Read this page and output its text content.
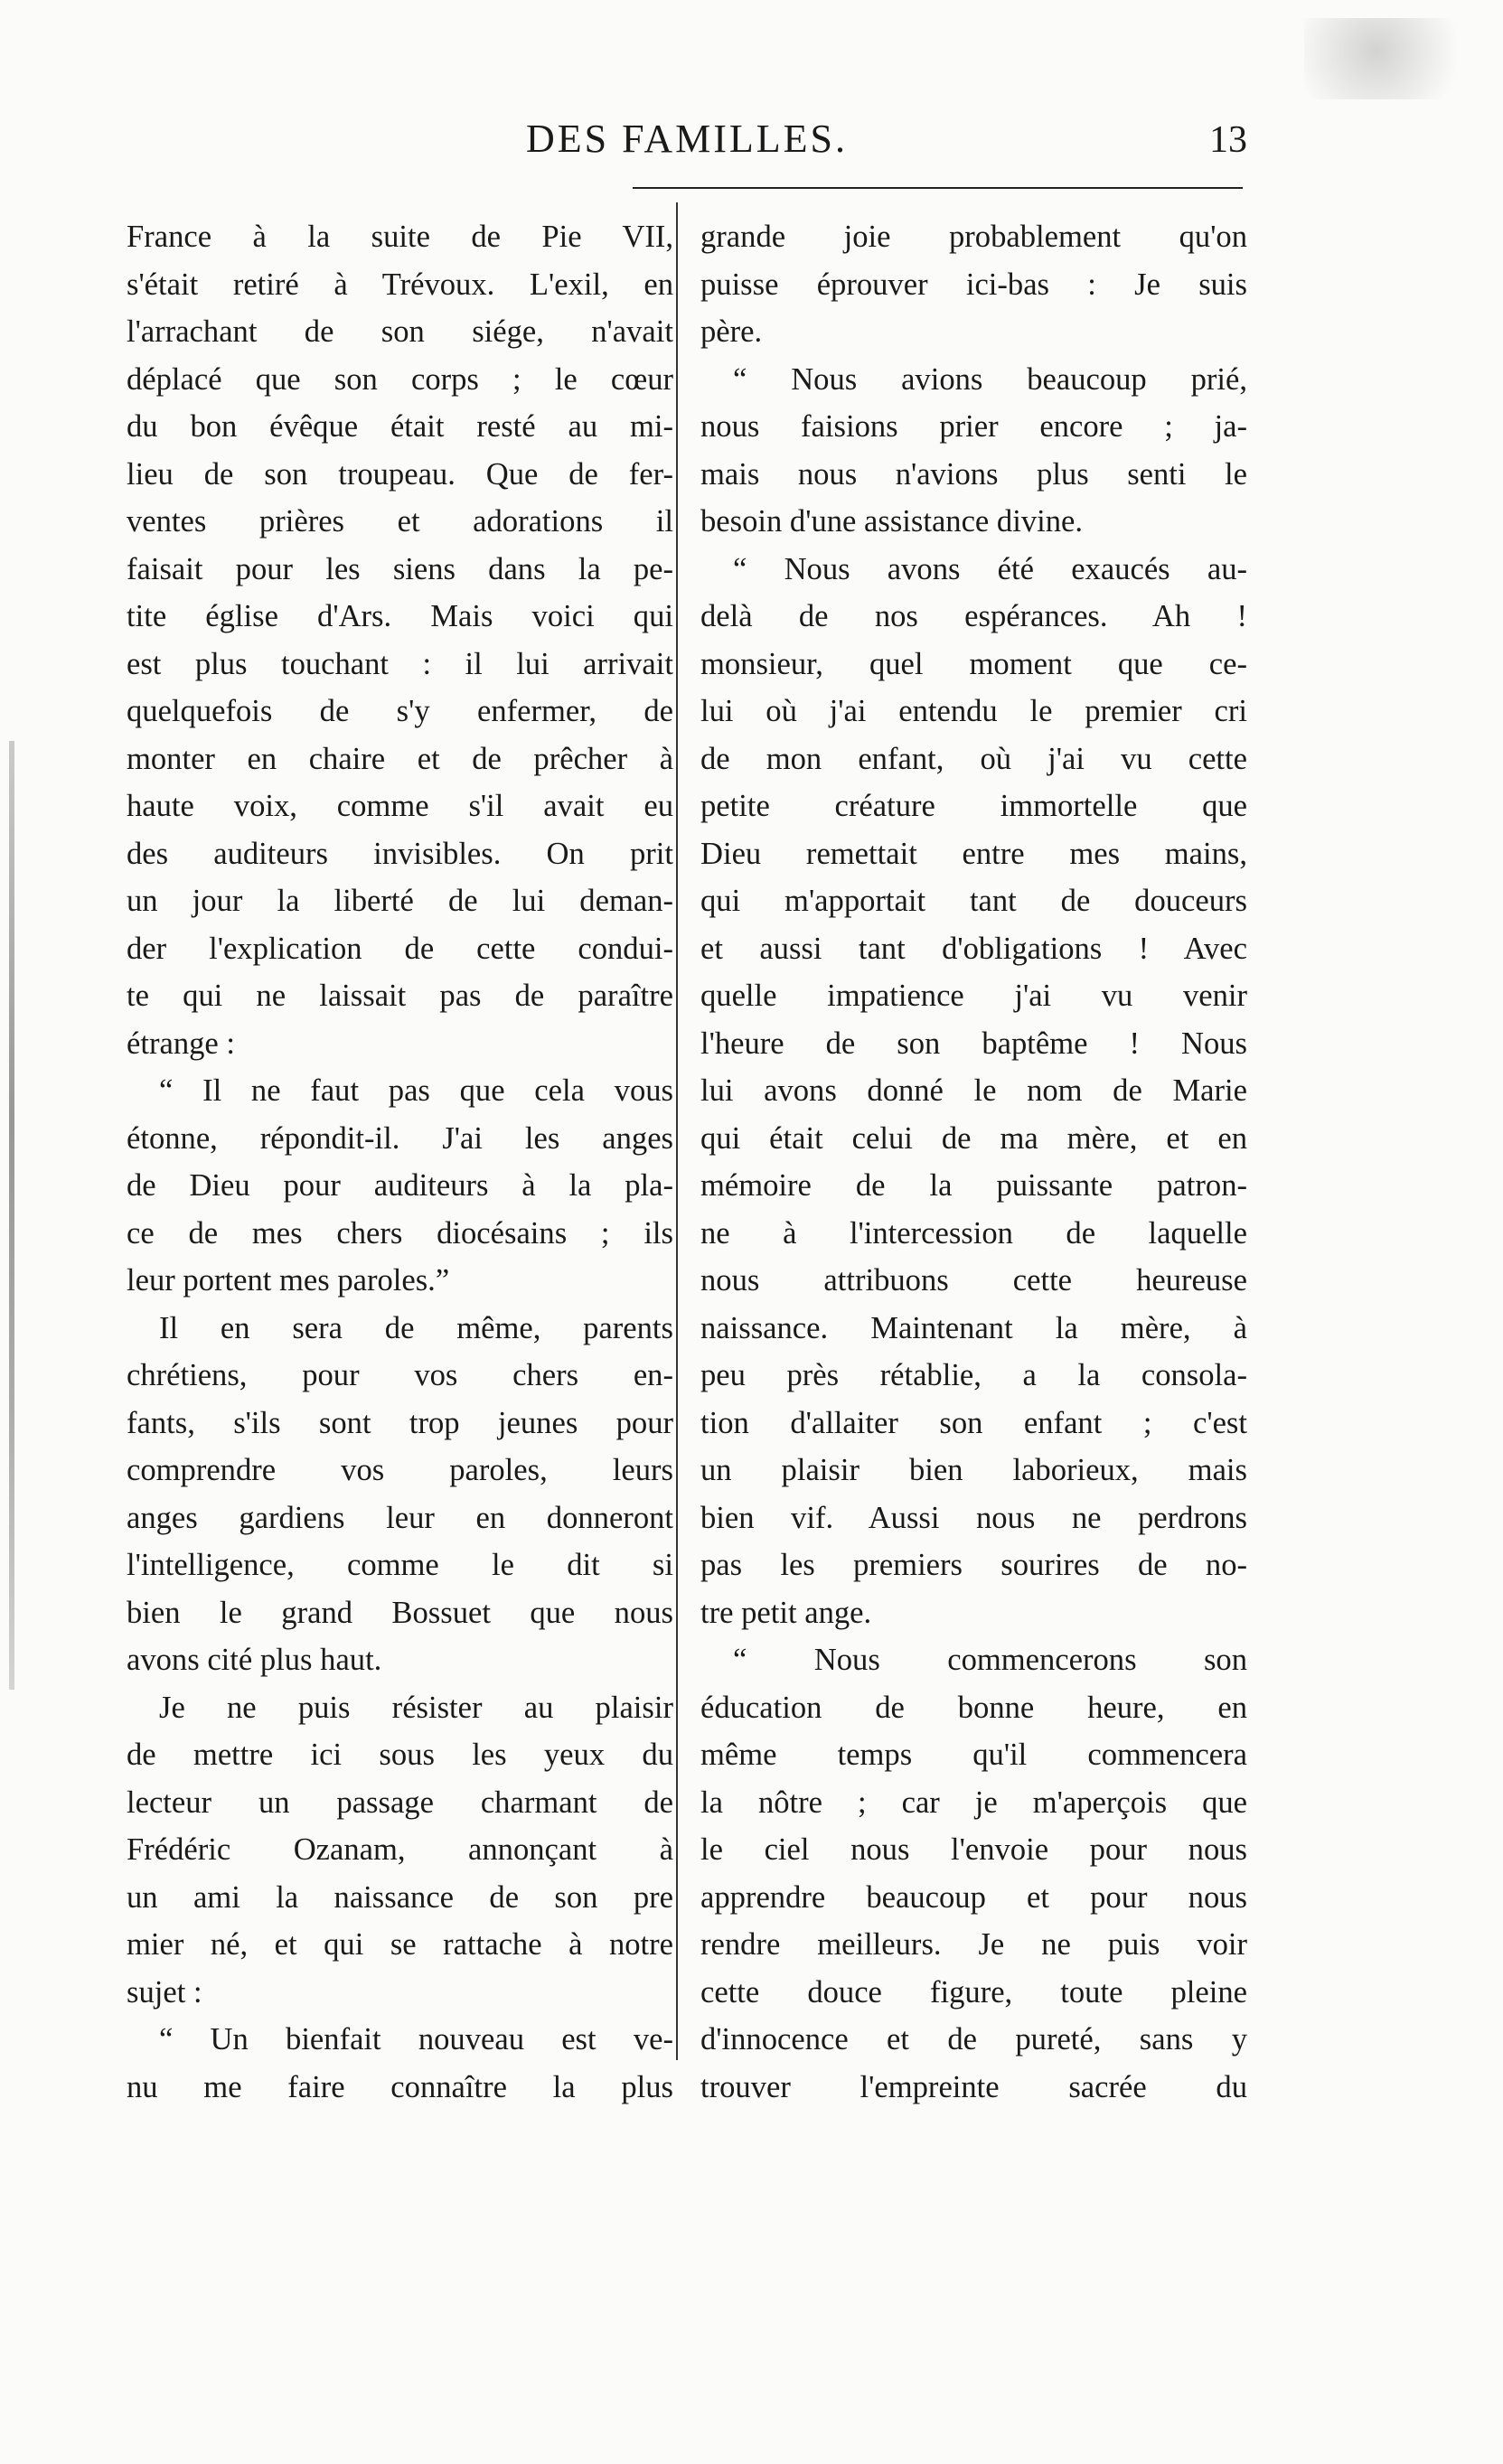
DES FAMILLES.	13
France à la suite de Pie VII,
s'était retiré à Trévoux. L'exil, en
l'arrachant de son siége, n'avait
déplacé que son corps ; le cœur
du bon évêque était resté au mi-
lieu de son troupeau. Que de fer-
ventes prières et adorations il
faisait pour les siens dans la pe-
tite église d'Ars. Mais voici qui
est plus touchant : il lui arrivait
quelquefois de s'y enfermer, de
monter en chaire et de prêcher à
haute voix, comme s'il avait eu
des auditeurs invisibles. On prit
un jour la liberté de lui deman-
der l'explication de cette condui-
te qui ne laissait pas de paraître
étrange :
“ Il ne faut pas que cela vous
étonne, répondit-il. J'ai les anges
de Dieu pour auditeurs à la pla-
ce de mes chers diocésains ; ils
leur portent mes paroles.”
Il en sera de même, parents
chrétiens, pour vos chers en-
fants, s'ils sont trop jeunes pour
comprendre vos paroles, leurs
anges gardiens leur en donneront
l'intelligence, comme le dit si
bien le grand Bossuet que nous
avons cité plus haut.
Je ne puis résister au plaisir
de mettre ici sous les yeux du
lecteur un passage charmant de
Frédéric Ozanam, annonçant à
un ami la naissance de son pre
mier né, et qui se rattache à notre
sujet :
“ Un bienfait nouveau est ve-
nu me faire connaître la plus
grande joie probablement qu'on
puisse éprouver ici-bas : Je suis
père.
“ Nous avions beaucoup prié,
nous faisions prier encore ; ja-
mais nous n'avions plus senti le
besoin d'une assistance divine.
“ Nous avons été exaucés au-
delà de nos espérances. Ah !
monsieur, quel moment que ce-
lui où j'ai entendu le premier cri
de mon enfant, où j'ai vu cette
petite créature immortelle que
Dieu remettait entre mes mains,
qui m'apportait tant de douceurs
et aussi tant d'obligations ! Avec
quelle impatience j'ai vu venir
l'heure de son baptême ! Nous
lui avons donné le nom de Marie
qui était celui de ma mère, et en
mémoire de la puissante patron-
ne à l'intercession de laquelle
nous attribuons cette heureuse
naissance. Maintenant la mère, à
peu près rétablie, a la consola-
tion d'allaiter son enfant ; c'est
un plaisir bien laborieux, mais
bien vif. Aussi nous ne perdrons
pas les premiers sourires de no-
tre petit ange.
“ Nous commencerons son
éducation de bonne heure, en
même temps qu'il commencera
la nôtre ; car je m'aperçois que
le ciel nous l'envoie pour nous
apprendre beaucoup et pour nous
rendre meilleurs. Je ne puis voir
cette douce figure, toute pleine
d'innocence et de pureté, sans y
trouver l'empreinte sacrée du
